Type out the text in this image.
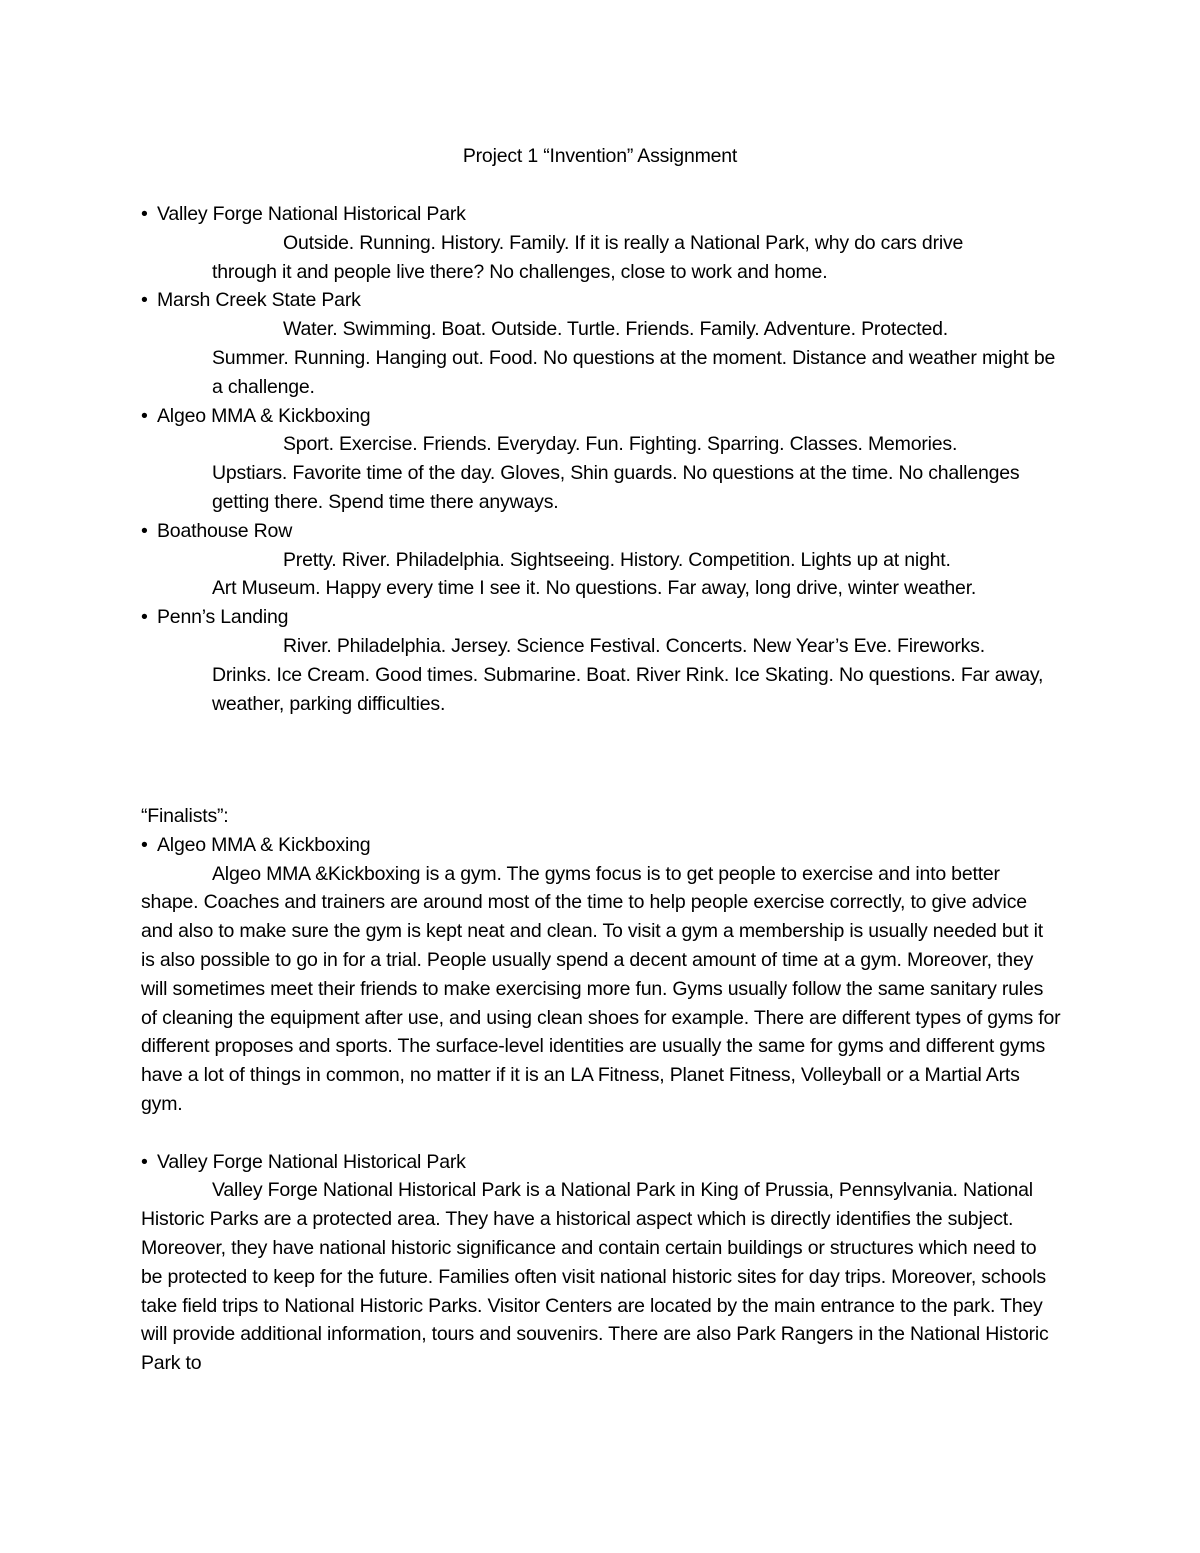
Project 1 “Invention” Assignment
• Valley Forge National Historical Park
Outside. Running. History. Family. If it is really a National Park, why do cars drive
through it and people live there? No challenges, close to work and home.
• Marsh Creek State Park
Water. Swimming. Boat. Outside. Turtle. Friends. Family. Adventure. Protected.
Summer. Running. Hanging out. Food. No questions at the moment. Distance and weather might be a challenge.
• Algeo MMA & Kickboxing
Sport. Exercise. Friends. Everyday. Fun. Fighting. Sparring. Classes. Memories.
Upstiars. Favorite time of the day. Gloves, Shin guards. No questions at the time. No challenges getting there. Spend time there anyways.
• Boathouse Row
Pretty. River. Philadelphia. Sightseeing. History. Competition. Lights up at night.
Art Museum. Happy every time I see it. No questions. Far away, long drive, winter weather.
• Penn’s Landing
River. Philadelphia. Jersey. Science Festival. Concerts. New Year’s Eve. Fireworks.
Drinks. Ice Cream. Good times. Submarine. Boat. River Rink. Ice Skating. No questions. Far away, weather, parking difficulties.
“Finalists”:
• Algeo MMA & Kickboxing
Algeo MMA &Kickboxing is a gym. The gyms focus is to get people to exercise and into better shape. Coaches and trainers are around most of the time to help people exercise correctly, to give advice and also to make sure the gym is kept neat and clean. To visit a gym a membership is usually needed but it is also possible to go in for a trial. People usually spend a decent amount of time at a gym. Moreover, they will sometimes meet their friends to make exercising more fun. Gyms usually follow the same sanitary rules of cleaning the equipment after use, and using clean shoes for example. There are different types of gyms for different proposes and sports. The surface-level identities are usually the same for gyms and different gyms have a lot of things in common, no matter if it is an LA Fitness, Planet Fitness, Volleyball or a Martial Arts gym.
• Valley Forge National Historical Park
Valley Forge National Historical Park is a National Park in King of Prussia, Pennsylvania. National Historic Parks are a protected area. They have a historical aspect which is directly identifies the subject. Moreover, they have national historic significance and contain certain buildings or structures which need to be protected to keep for the future. Families often visit national historic sites for day trips. Moreover, schools take field trips to National Historic Parks. Visitor Centers are located by the main entrance to the park. They will provide additional information, tours and souvenirs. There are also Park Rangers in the National Historic Park to
